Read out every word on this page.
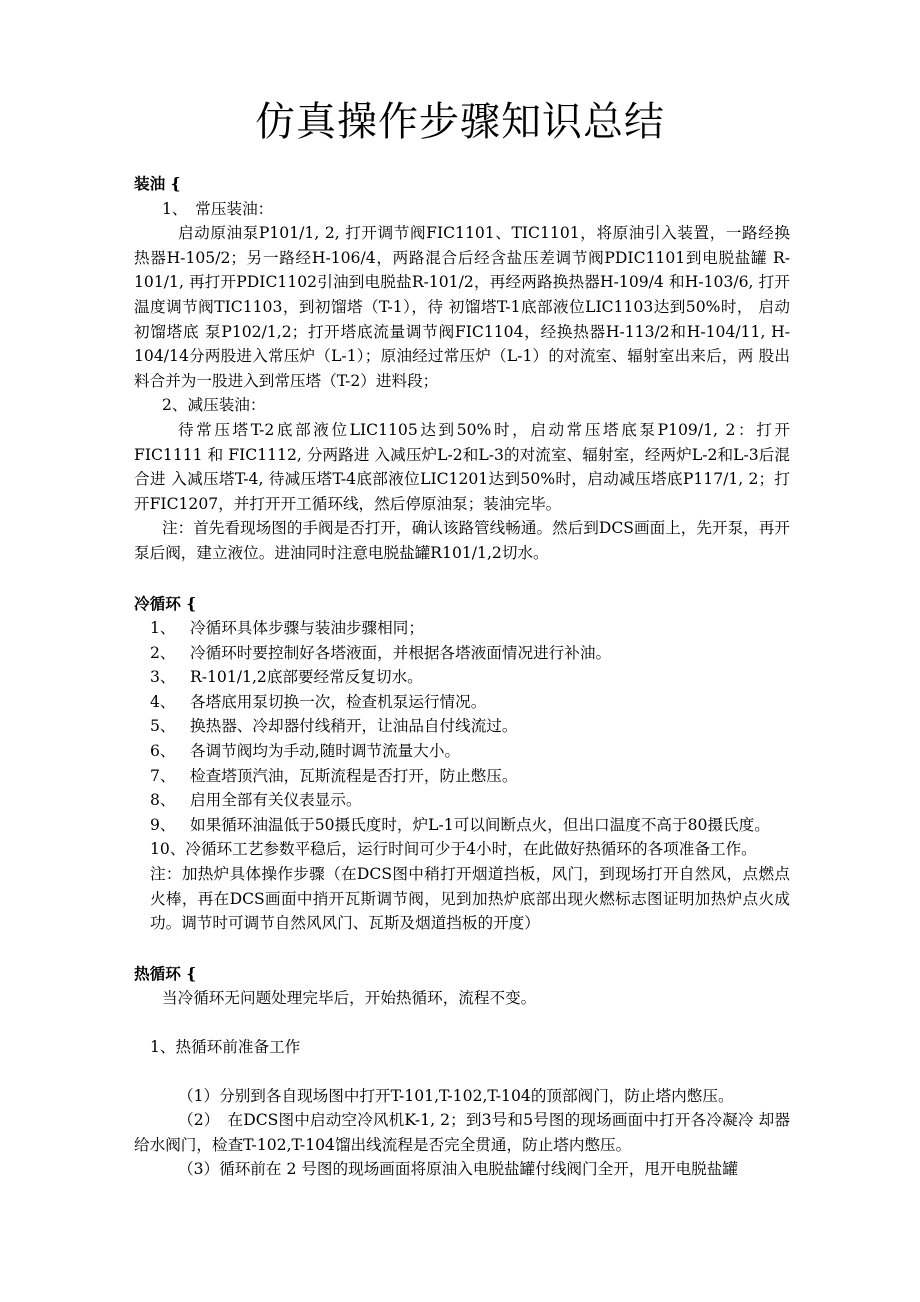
仿真操作步骤知识总结

装油 {

1、　常压装油：

启动原油泵P101/1, 2, 打开调节阀FIC1101、TIC1101，将原油引入装置，一路经换 热器H-105/2；另一路经H-106/4，两路混合后经含盐压差调节阀PDIC1101到电脱盐罐 R-101/1, 再打开PDIC1102引油到电脱盐R-101/2，再经两路换热器H-109/4 和H-103/6, 打开温度调节阀TIC1103，到初馏塔（T-1），待 初馏塔T-1底部液位LIC1103达到50%时， 启动初馏塔底 泵P102/1,2；打开塔底流量调节阀FIC1104，经换热器H-113/2和H-104/11, H-104/14分两股进入常压炉（L-1）；原油经过常压炉（L-1）的对流室、辐射室出来后，两 股出料合并为一股进入到常压塔（T-2）进料段；

2、减压装油：

待常压塔T-2底部液位LIC1105达到50%时，启动常压塔底泵P109/1, 2：打开FIC1111 和 FIC1112, 分两路进 入减压炉L-2和L-3的对流室、辐射室，经两炉L-2和L-3后混合进 入减压塔T-4, 待减压塔T-4底部液位LIC1201达到50%时，启动减压塔底P117/1, 2；打 开FIC1207，并打开开工循环线，然后停原油泵；装油完毕。

注：首先看现场图的手阀是否打开，确认该路管线畅通。然后到DCS画面上，先开泵，再开泵后阀，建立液位。进油同时注意电脱盐罐R101/1,2切水。

冷循环 {

1、 冷循环具体步骤与装油步骤相同；

2、 冷循环时要控制好各塔液面，并根据各塔液面情况进行补油。

3、 R-101/1,2底部要经常反复切水。

4、 各塔底用泵切换一次，检查机泵运行情况。

5、 换热器、冷却器付线稍开，让油品自付线流过。

6、 各调节阀均为手动,随时调节流量大小。

7、 检查塔顶汽油，瓦斯流程是否打开，防止憋压。

8、 启用全部有关仪表显示。

9、 如果循环油温低于50摄氏度时，炉L-1可以间断点火，但出口温度不高于80摄氏度。

10、冷循环工艺参数平稳后，运行时间可少于4小时，在此做好热循环的各项准备工作。

注：加热炉具体操作步骤（在DCS图中稍打开烟道挡板，风门，到现场打开自然风，点燃点火棒，再在DCS画面中捎开瓦斯调节阀，见到加热炉底部出现火燃标志图证明加热炉点火成功。调节时可调节自然风风门、瓦斯及烟道挡板的开度）

热循环 {

当冷循环无问题处理完毕后，开始热循环，流程不变。

1、热循环前准备工作

（1）分别到各自现场图中打开T-101,T-102,T-104的顶部阀门，防止塔内憋压。

（2）　在DCS图中启动空冷风机K-1, 2；到3号和5号图的现场画面中打开各冷凝冷 却器给水阀门，检查T-102,T-104馏出线流程是否完全贯通，防止塔内憋压。

（3）循环前在 2 号图的现场画面将原油入电脱盐罐付线阀门全开，甩开电脱盐罐
